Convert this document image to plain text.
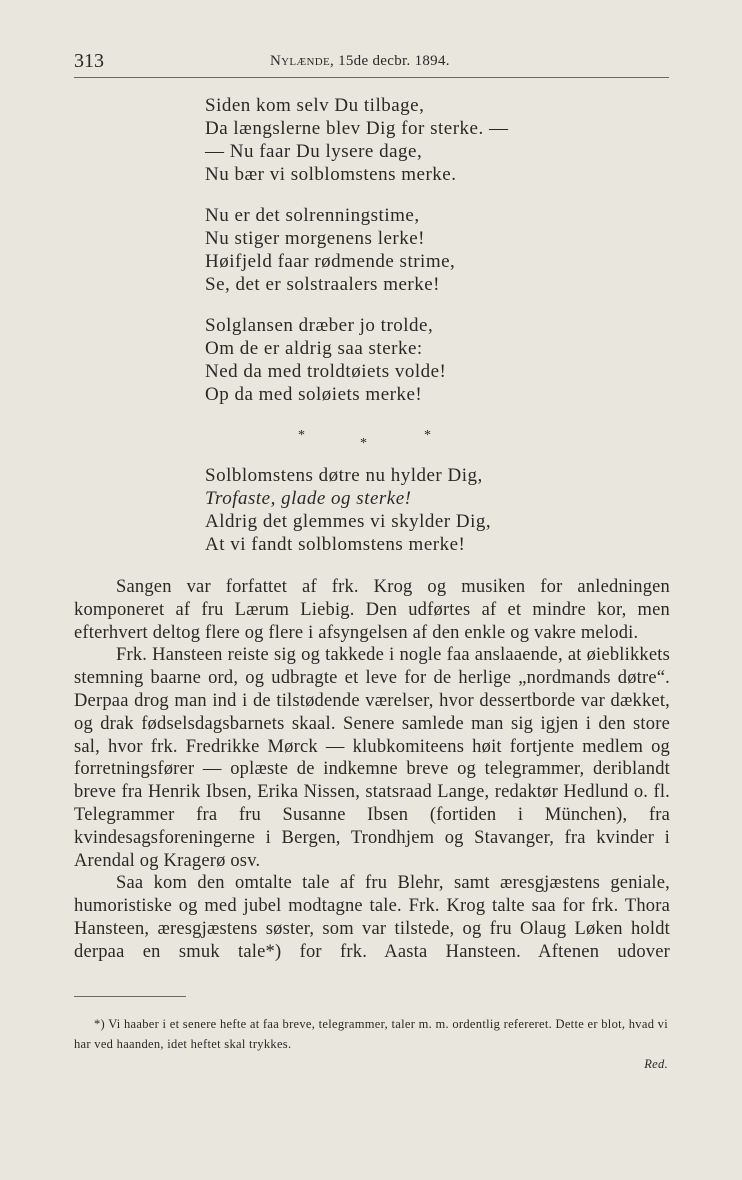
313	Nylænde, 15de decbr. 1894.
Siden kom selv Du tilbage,
Da længslerne blev Dig for sterke. —
— Nu faar Du lysere dage,
Nu bær vi solblomstens merke.
Nu er det solrenningstime,
Nu stiger morgenens lerke!
Høifjeld faar rødmende strime,
Se, det er solstraalers merke!
Solglansen dræber jo trolde,
Om de er aldrig saa sterke:
Ned da med troldtøiets volde!
Op da med soløiets merke!
*
*
*
Solblomstens døtre nu hylder Dig,
Trofaste, glade og sterke!
Aldrig det glemmes vi skylder Dig,
At vi fandt solblomstens merke!

Sangen var forfattet af frk. Krog og musiken for anledningen komponeret af fru Lærum Liebig. Den udførtes af et mindre kor, men efterhvert deltog flere og flere i afsyngelsen af den enkle og vakre melodi.

Frk. Hansteen reiste sig og takkede i nogle faa anslaaende, at øieblikkets stemning baarne ord, og udbragte et leve for de herlige „nordmands døtre“. Derpaa drog man ind i de tilstødende værelser, hvor dessertborde var dækket, og drak fødselsdagsbarnets skaal. Senere samlede man sig igjen i den store sal, hvor frk. Fredrikke Mørck — klubkomiteens høit fortjente medlem og forretningsfører — oplæste de indkemne breve og telegrammer, deriblandt breve fra Henrik Ibsen, Erika Nissen, statsraad Lange, redaktør Hedlund o. fl. Telegrammer fra fru Susanne Ibsen (fortiden i München), fra kvindesagsforeningerne i Bergen, Trondhjem og Stavanger, fra kvinder i Arendal og Kragerø osv.

Saa kom den omtalte tale af fru Blehr, samt æresgjæstens geniale, humoristiske og med jubel modtagne tale. Frk. Krog talte saa for frk. Thora Hansteen, æresgjæstens søster, som var tilstede, og fru Olaug Løken holdt derpaa en smuk tale*) for frk. Aasta Hansteen. Aftenen udover

*) Vi haaber i et senere hefte at faa breve, telegrammer, taler m. m. ordentlig refereret. Dette er blot, hvad vi har ved haanden, idet heftet skal trykkes.

Red.
